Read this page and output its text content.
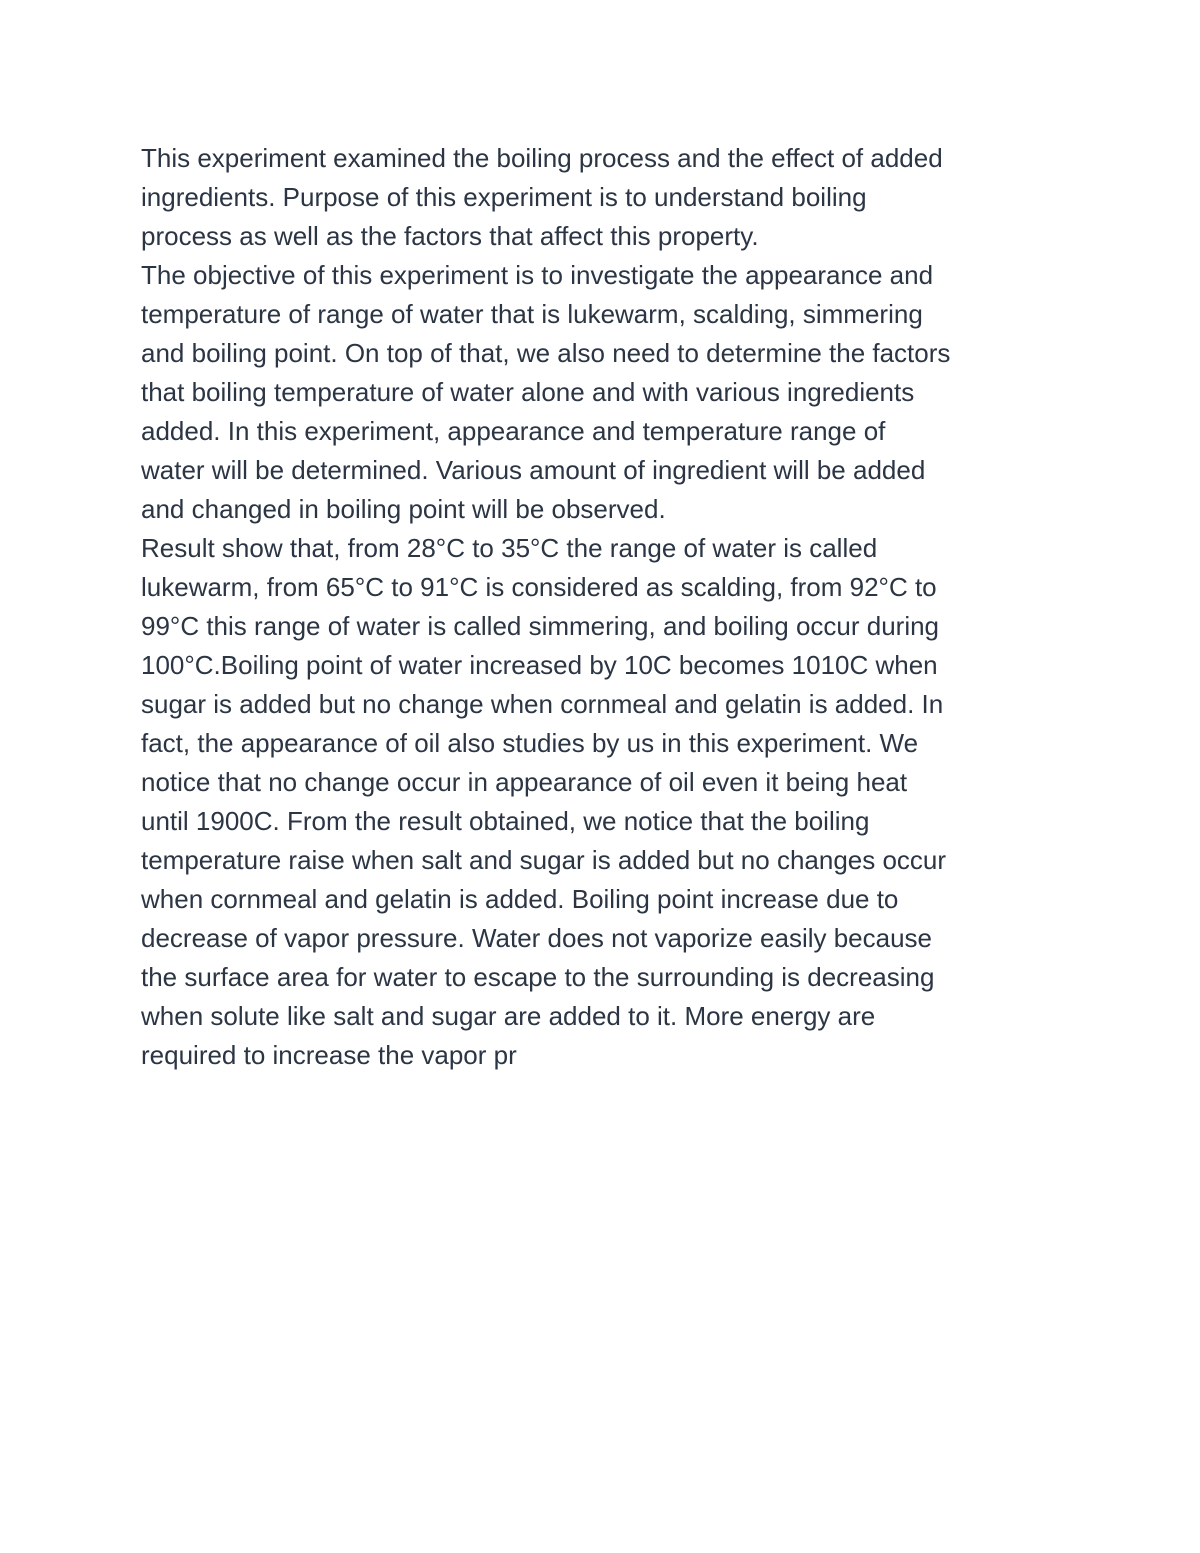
This experiment examined the boiling process and the effect of added
ingredients. Purpose of this experiment is to understand boiling
process as well as the factors that affect this property.
The objective of this experiment is to investigate the appearance and
temperature of range of water that is lukewarm, scalding, simmering
and boiling point. On top of that, we also need to determine the factors
that boiling temperature of water alone and with various ingredients
added. In this experiment, appearance and temperature range of
water will be determined. Various amount of ingredient will be added
and changed in boiling point will be observed.
Result show that, from 28°C to 35°C the range of water is called
lukewarm, from 65°C to 91°C is considered as scalding, from 92°C to
99°C this range of water is called simmering, and boiling occur during
100°C.Boiling point of water increased by 10C becomes 1010C when
sugar is added but no change when cornmeal and gelatin is added. In
fact, the appearance of oil also studies by us in this experiment. We
notice that no change occur in appearance of oil even it being heat
until 1900C. From the result obtained, we notice that the boiling
temperature raise when salt and sugar is added but no changes occur
when cornmeal and gelatin is added. Boiling point increase due to
decrease of vapor pressure. Water does not vaporize easily because
the surface area for water to escape to the surrounding is decreasing
when solute like salt and sugar are added to it. More energy are
required to increase the vapor pr
